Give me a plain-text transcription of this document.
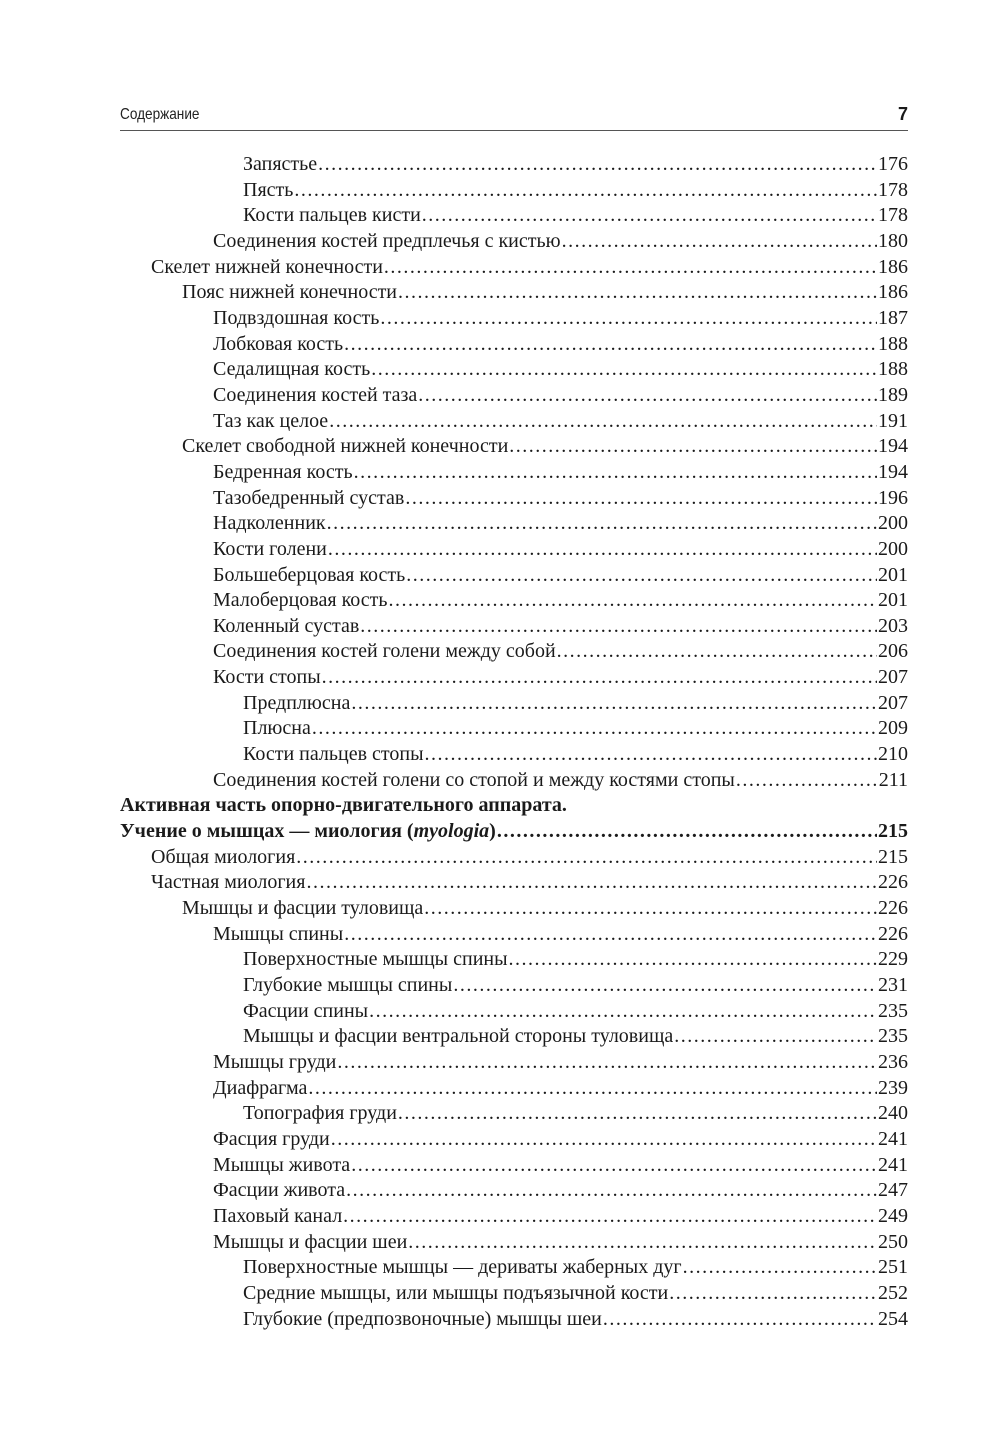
Содержание	7
Запястье .....	176
Пясть .....	178
Кости пальцев кисти .....	178
Соединения костей предплечья с кистью .....	180
Скелет нижней конечности .....	186
Пояс нижней конечности .....	186
Подвздошная кость .....	187
Лобковая кость .....	188
Седалищная кость .....	188
Соединения костей таза .....	189
Таз как целое .....	191
Скелет свободной нижней конечности .....	194
Бедренная кость .....	194
Тазобедренный сустав .....	196
Надколенник .....	200
Кости голени .....	200
Большеберцовая кость .....	201
Малоберцовая кость .....	201
Коленный сустав .....	203
Соединения костей голени между собой .....	206
Кости стопы .....	207
Предплюсна .....	207
Плюсна .....	209
Кости пальцев стопы .....	210
Соединения костей голени со стопой и между костями стопы .....	211
Активная часть опорно-двигательного аппарата.
Учение о мышцах — миология (myologia) .....	215
Общая миология .....	215
Частная миология .....	226
Мышцы и фасции туловища .....	226
Мышцы спины .....	226
Поверхностные мышцы спины .....	229
Глубокие мышцы спины .....	231
Фасции спины .....	235
Мышцы и фасции вентральной стороны туловища .....	235
Мышцы груди .....	236
Диафрагма .....	239
Топография груди .....	240
Фасция груди .....	241
Мышцы живота .....	241
Фасции живота .....	247
Паховый канал .....	249
Мышцы и фасции шеи .....	250
Поверхностные мышцы — дериваты жаберных дуг .....	251
Средние мышцы, или мышцы подъязычной кости .....	252
Глубокие (предпозвоночные) мышцы шеи .....	254
